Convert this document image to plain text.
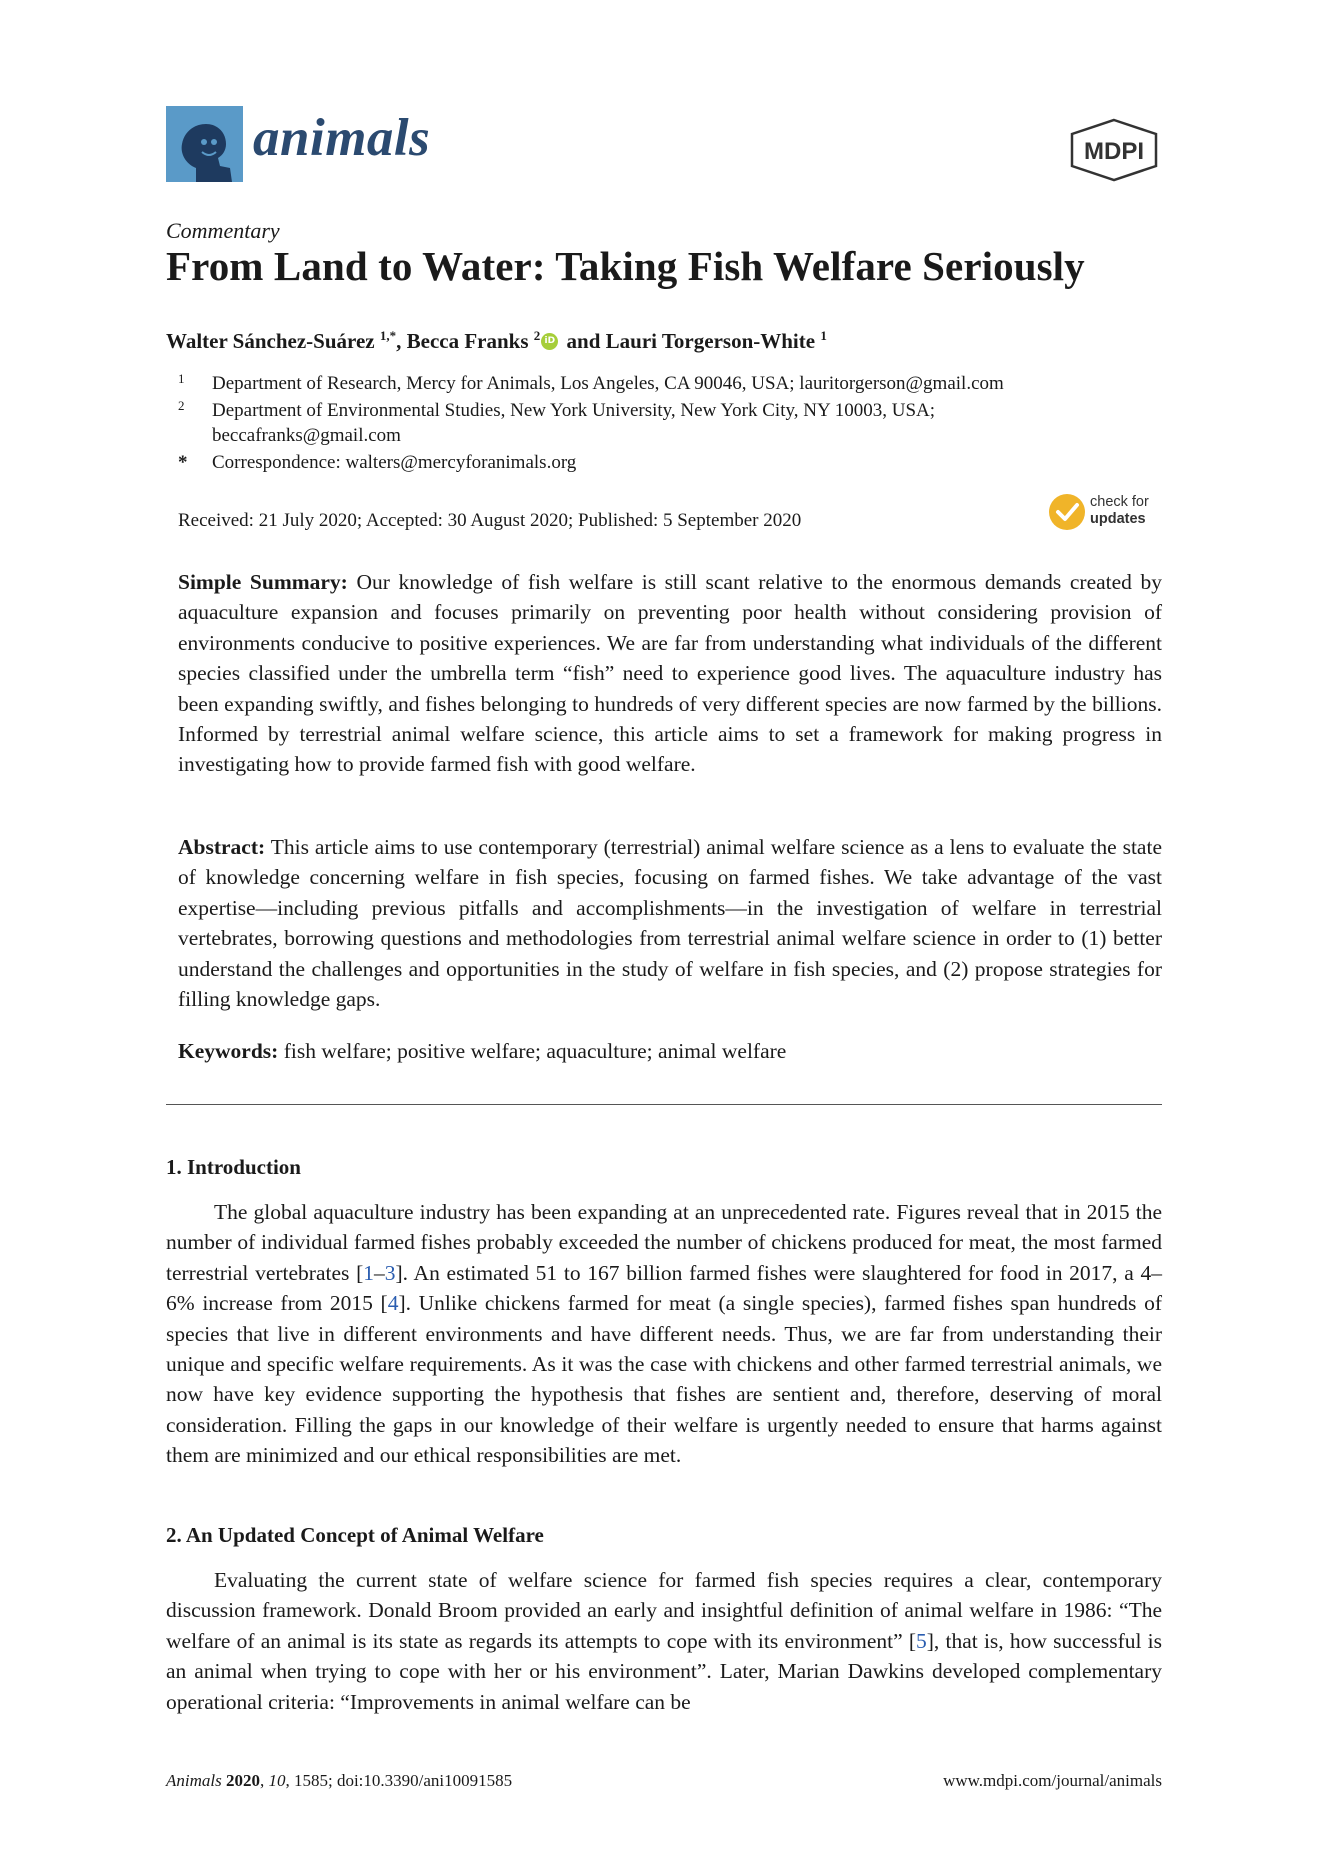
animals	MDPI
Commentary
From Land to Water: Taking Fish Welfare Seriously
Walter Sánchez-Suárez $^{1,*}$, Becca Franks $^2$ iD and Lauri Torgerson-White $^1$
1 Department of Research, Mercy for Animals, Los Angeles, CA 90046, USA; lauritorgerson@gmail.com
2 Department of Environmental Studies, New York University, New York City, NY 10003, USA;
beccafranks@gmail.com
* Correspondence: walters@mercyforanimals.org
Received: 21 July 2020; Accepted: 30 August 2020; Published: 5 September 2020
check for
updates
Simple Summary: Our knowledge of fish welfare is still scant relative to the enormous demands created by aquaculture expansion and focuses primarily on preventing poor health without considering provision of environments conducive to positive experiences. We are far from understanding what individuals of the different species classified under the umbrella term “fish” need to experience good lives. The aquaculture industry has been expanding swiftly, and fishes belonging to hundreds of very different species are now farmed by the billions. Informed by terrestrial animal welfare science, this article aims to set a framework for making progress in investigating how to provide farmed fish with good welfare.
Abstract: This article aims to use contemporary (terrestrial) animal welfare science as a lens to evaluate the state of knowledge concerning welfare in fish species, focusing on farmed fishes. We take advantage of the vast expertise—including previous pitfalls and accomplishments—in the investigation of welfare in terrestrial vertebrates, borrowing questions and methodologies from terrestrial animal welfare science in order to (1) better understand the challenges and opportunities in the study of welfare in fish species, and (2) propose strategies for filling knowledge gaps.
Keywords: fish welfare; positive welfare; aquaculture; animal welfare
1. Introduction
The global aquaculture industry has been expanding at an unprecedented rate. Figures reveal that in 2015 the number of individual farmed fishes probably exceeded the number of chickens produced for meat, the most farmed terrestrial vertebrates [1–3]. An estimated 51 to 167 billion farmed fishes were slaughtered for food in 2017, a 4–6% increase from 2015 [4]. Unlike chickens farmed for meat (a single species), farmed fishes span hundreds of species that live in different environments and have different needs. Thus, we are far from understanding their unique and specific welfare requirements. As it was the case with chickens and other farmed terrestrial animals, we now have key evidence supporting the hypothesis that fishes are sentient and, therefore, deserving of moral consideration. Filling the gaps in our knowledge of their welfare is urgently needed to ensure that harms against them are minimized and our ethical responsibilities are met.
2. An Updated Concept of Animal Welfare
Evaluating the current state of welfare science for farmed fish species requires a clear, contemporary discussion framework. Donald Broom provided an early and insightful definition of animal welfare in 1986: “The welfare of an animal is its state as regards its attempts to cope with its environment” [5], that is, how successful is an animal when trying to cope with her or his environment”. Later, Marian Dawkins developed complementary operational criteria: “Improvements in animal welfare can be
Animals 2020, 10, 1585; doi:10.3390/ani10091585	www.mdpi.com/journal/animals
